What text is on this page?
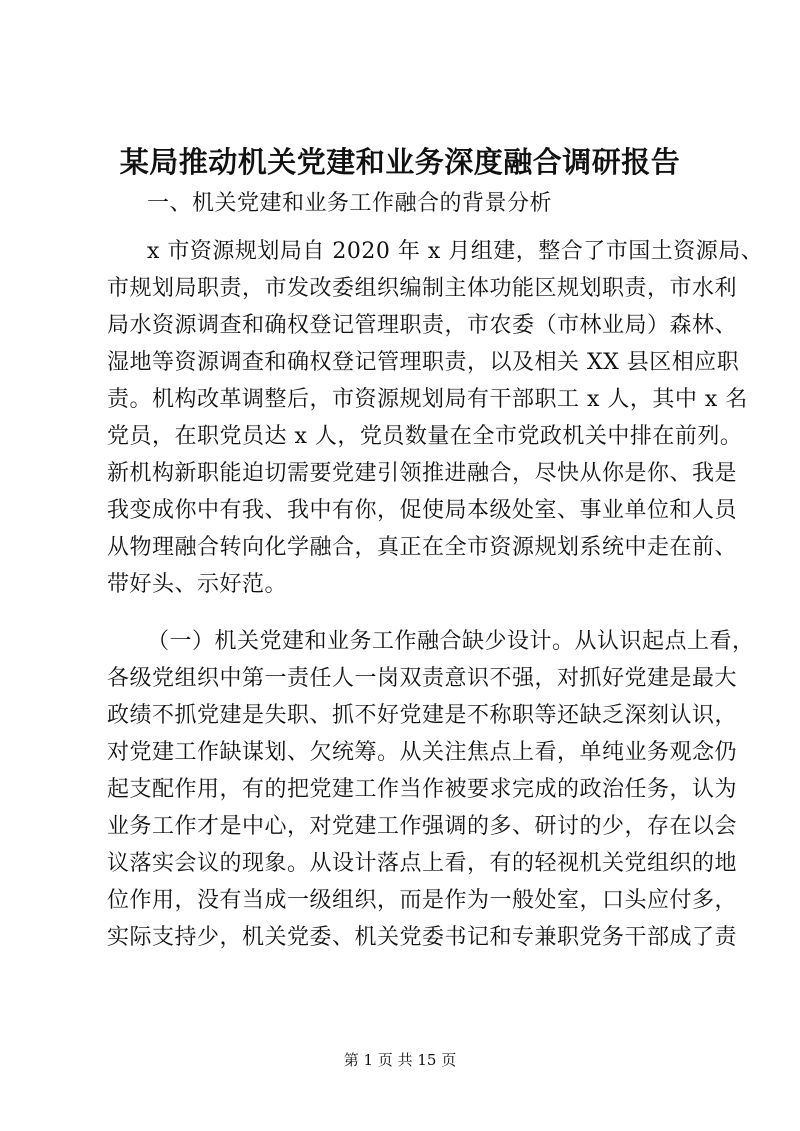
某局推动机关党建和业务深度融合调研报告
一、机关党建和业务工作融合的背景分析
x 市资源规划局自 2020 年 x 月组建，整合了市国土资源局、
市规划局职责，市发改委组织编制主体功能区规划职责，市水利
局水资源调查和确权登记管理职责，市农委（市林业局）森林、
湿地等资源调查和确权登记管理职责，以及相关 XX 县区相应职
责。机构改革调整后，市资源规划局有干部职工 x 人，其中 x 名
党员，在职党员达 x 人，党员数量在全市党政机关中排在前列。
新机构新职能迫切需要党建引领推进融合，尽快从你是你、我是
我变成你中有我、我中有你，促使局本级处室、事业单位和人员
从物理融合转向化学融合，真正在全市资源规划系统中走在前、
带好头、示好范。
（一）机关党建和业务工作融合缺少设计。从认识起点上看，
各级党组织中第一责任人一岗双责意识不强，对抓好党建是最大
政绩不抓党建是失职、抓不好党建是不称职等还缺乏深刻认识，
对党建工作缺谋划、欠统筹。从关注焦点上看，单纯业务观念仍
起支配作用，有的把党建工作当作被要求完成的政治任务，认为
业务工作才是中心，对党建工作强调的多、研讨的少，存在以会
议落实会议的现象。从设计落点上看，有的轻视机关党组织的地
位作用，没有当成一级组织，而是作为一般处室，口头应付多，
实际支持少，机关党委、机关党委书记和专兼职党务干部成了责
第 1 页 共 15 页
